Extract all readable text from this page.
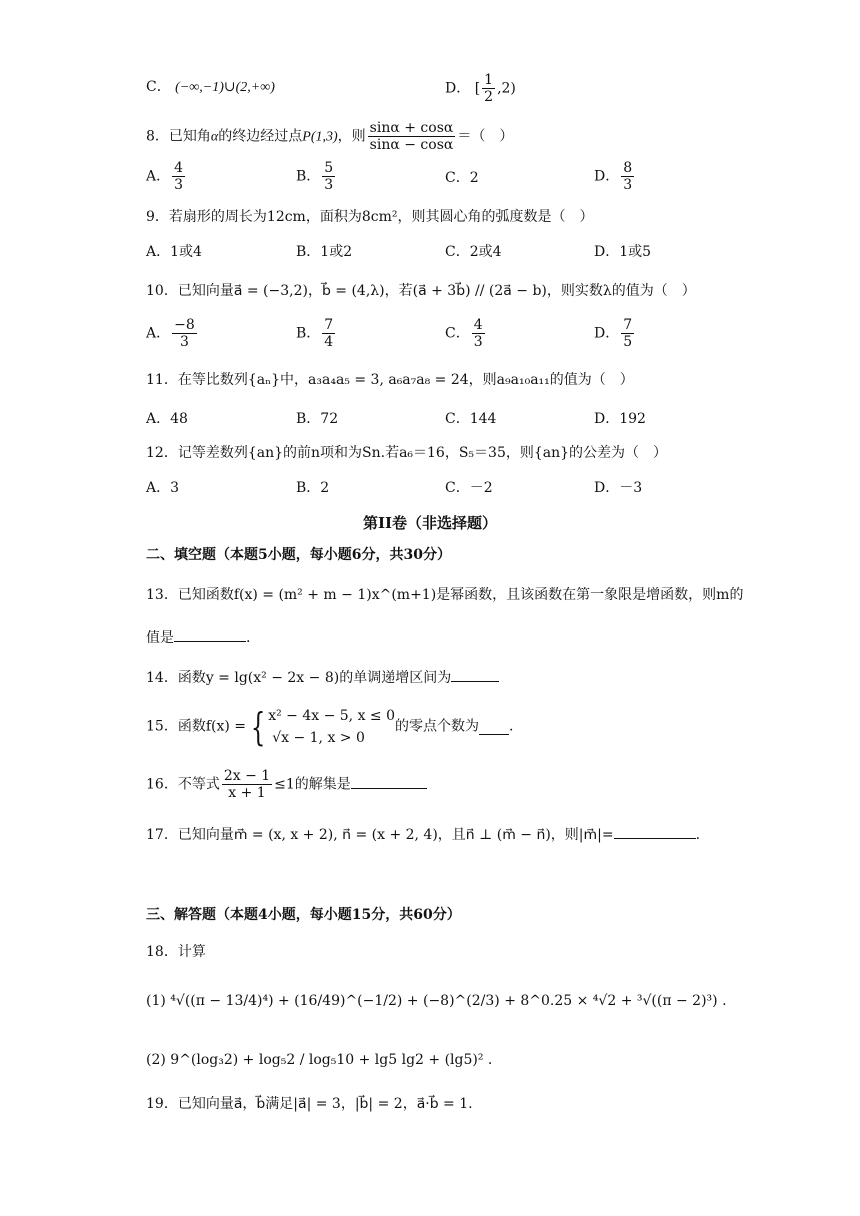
C． (−∞,−1)∪(2,+∞)	D． [ $\frac{1}{2} ,2$)
8．已知角α的终边经过点P(1,3)，则 $\frac{\sin\alpha + \cos\alpha}{\sin\alpha - \cos\alpha}$ ＝（　）
A． $\frac{4}{3}$	B． $\frac{5}{3}$	C．2	D． $\frac{8}{3}$
9．若扇形的周长为12cm，面积为8cm²，则其圆心角的弧度数是（　）
A．1或4	B．1或2	C．2或4	D．1或5
10．已知向量a⃗ = (−3,2)，b⃗ = (4,λ)，若(a⃗ + 3b⃗) // (2a⃗ − b)，则实数λ的值为（　）
A． $\frac{-8}{3}$	B． $\frac{7}{4}$	C． $\frac{4}{3}$	D． $\frac{7}{5}$
11．在等比数列{aₙ}中，a₃a₄a₅ = 3, a₆a₇a₈ = 24，则a₉a₁₀a₁₁的值为（　）
A．48	B．72	C．144	D．192
12．记等差数列{an}的前n项和为Sn.若a₆＝16，S₅＝35，则{an}的公差为（　）
A．3	B．2	C．－2	D．－3
第II卷（非选择题）
二、填空题（本题5小题，每小题6分，共30分）
13．已知函数f(x) = (m² + m − 1)x^(m+1)是幂函数，且该函数在第一象限是增函数，则m的
值是	.
14．函数y = lg(x² − 2x − 8)的单调递增区间为
15．函数f(x) = { x² − 4x − 5, x ≤ 0
√x − 1, x > 0
的零点个数为 .
16．不等式 $\frac{2x - 1}{x + 1} \le 1$的解集是
17．已知向量m⃗ = (x, x + 2), n⃗ = (x + 2, 4)，且n⃗ ⊥ (m⃗ − n⃗)，则|m⃗|=	.
三、解答题（本题4小题，每小题15分，共60分）
18．计算
(1) ⁴√((π − 13/4)⁴) + (16/49)^(−1/2) + (−8)^(2/3) + 8^0.25 × ⁴√2 + ³√((π − 2)³) .
(2) 9^(log₃2) + log₅2 / log₅10 + lg5 lg2 + (lg5)² .
19．已知向量a⃗，b⃗满足|a⃗| = 3，|b⃗| = 2，a⃗·b⃗ = 1.
